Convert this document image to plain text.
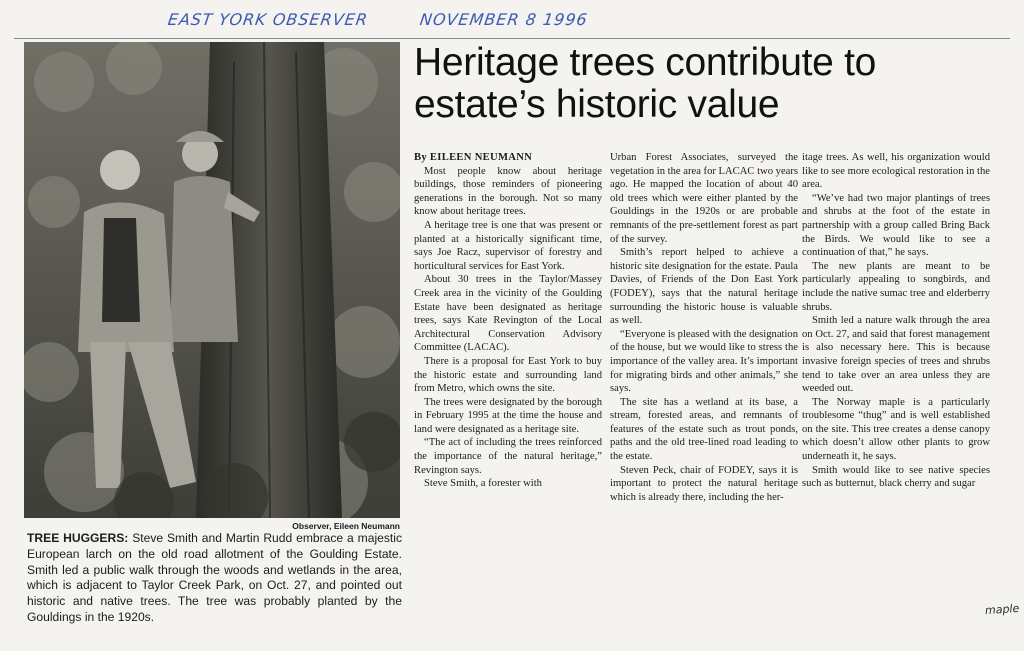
EAST YORK OBSERVER	NOVEMBER 8 1996
Observer, Eileen Neumann
TREE HUGGERS: Steve Smith and Martin Rudd embrace a majestic European larch on the old road allotment of the Goulding Estate. Smith led a public walk through the woods and wetlands in the area, which is adjacent to Taylor Creek Park, on Oct. 27, and pointed out historic and native trees. The tree was probably planted by the Gouldings in the 1920s.
Heritage trees contribute to estate’s historic value

By EILEEN NEUMANN

Most people know about heritage buildings, those reminders of pioneering generations in the borough. Not so many know about heritage trees.

A heritage tree is one that was present or planted at a historically significant time, says Joe Racz, supervisor of forestry and horticultural services for East York.

About 30 trees in the Taylor/Massey Creek area in the vicinity of the Goulding Estate have been designated as heritage trees, says Kate Revington of the Local Architectural Conservation Advisory Committee (LACAC).

There is a proposal for East York to buy the historic estate and surrounding land from Metro, which owns the site.

The trees were designated by the borough in February 1995 at the time the house and land were designated as a heritage site.

“The act of including the trees reinforced the importance of the natural heritage,” Revington says.

Steve Smith, a forester with

Urban Forest Associates, surveyed the vegetation in the area for LACAC two years ago. He mapped the location of about 40 old trees which were either planted by the Gouldings in the 1920s or are probable remnants of the pre-settlement forest as part of the survey.

Smith’s report helped to achieve a historic site designation for the estate. Paula Davies, of Friends of the Don East York (FODEY), says that the natural heritage surrounding the historic house is valuable as well.

“Everyone is pleased with the designation of the house, but we would like to stress the importance of the valley area. It’s important for migrating birds and other animals,” she says.

The site has a wetland at its base, a stream, forested areas, and remnants of features of the estate such as trout ponds, paths and the old tree-lined road leading to the estate.

Steven Peck, chair of FODEY, says it is important to protect the natural heritage which is already there, including the her-

itage trees. As well, his organization would like to see more ecological restoration in the area.

“We’ve had two major plantings of trees and shrubs at the foot of the estate in partnership with a group called Bring Back the Birds. We would like to see a continuation of that,” he says.

The new plants are meant to be particularly appealing to songbirds, and include the native sumac tree and elderberry shrubs.

Smith led a nature walk through the area on Oct. 27, and said that forest management is also necessary here. This is because invasive foreign species of trees and shrubs tend to take over an area unless they are weeded out.

The Norway maple is a particularly troublesome “thug” and is well established on the site. This tree creates a dense canopy which doesn’t allow other plants to grow underneath it, he says.

Smith would like to see native species such as butternut, black cherry and sugar

maple
